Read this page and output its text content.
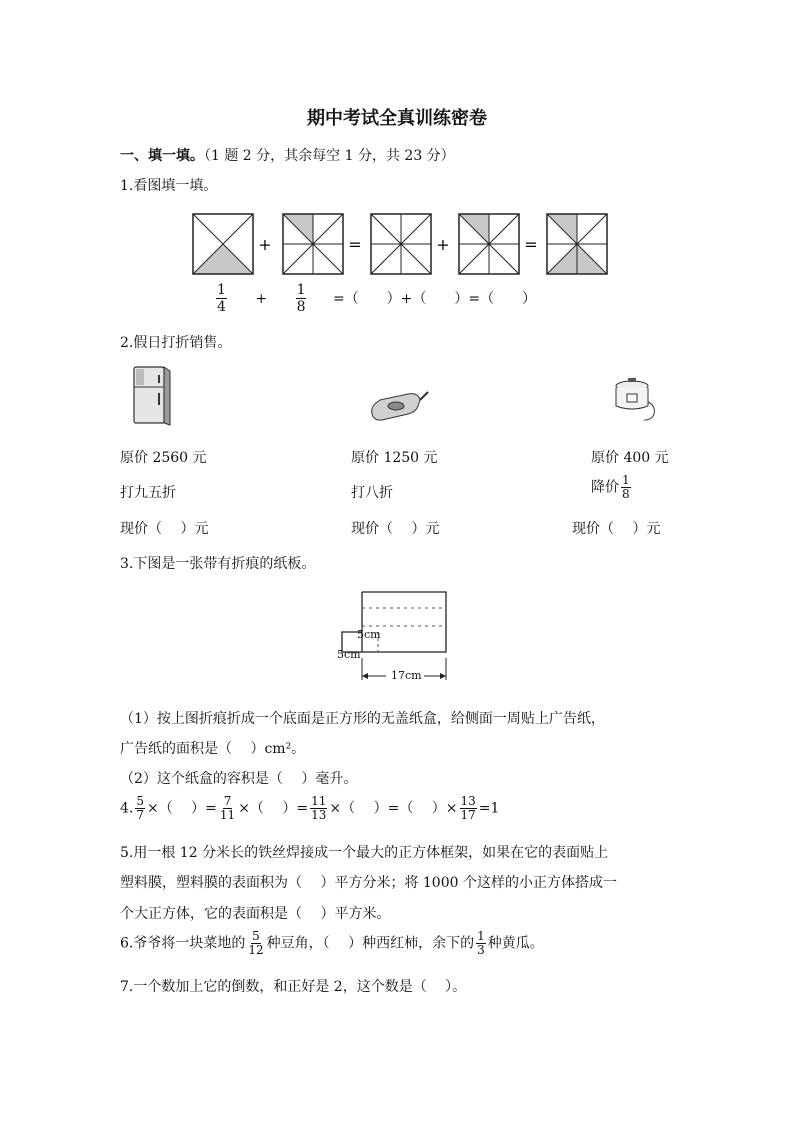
期中考试全真训练密卷
一、填一填。（1 题 2 分，其余每空 1 分，共 23 分）
1.看图填一填。
+	=	+	=
$\frac{1}{4} + \frac{1}{8}$ =（　　）+（　　）=（　　）
2.假日打折销售。
原价 2560 元	原价 1250 元	原价 400 元
打九五折	打八折	降价 $\frac{1}{8}$
现价（　 ）元	现价（　 ）元	现价（　 ）元
3.下图是一张带有折痕的纸板。
5cm
5cm
17cm
（1）按上图折痕折成一个底面是正方形的无盖纸盒，给侧面一周贴上广告纸，
广告纸的面积是（　 ）cm²。
（2）这个纸盒的容积是（　 ）毫升。
4. $\frac{5}{7}$ ×（　 ）= $\frac{7}{11}$ ×（　 ）= $\frac{11}{13}$ ×（　 ）=（　 ）× $\frac{13}{17} =1$
5.用一根 12 分米长的铁丝焊接成一个最大的正方体框架，如果在它的表面贴上
塑料膜，塑料膜的表面积为（　 ）平方分米；将 1000 个这样的小正方体搭成一
个大正方体，它的表面积是（　 ）平方米。
6.爷爷将一块菜地的 $\frac{5}{12}$ 种豆角，（　 ）种西红柿，余下的 $\frac{1}{3}$ 种黄瓜。
7.一个数加上它的倒数，和正好是 2，这个数是（　 ）。
